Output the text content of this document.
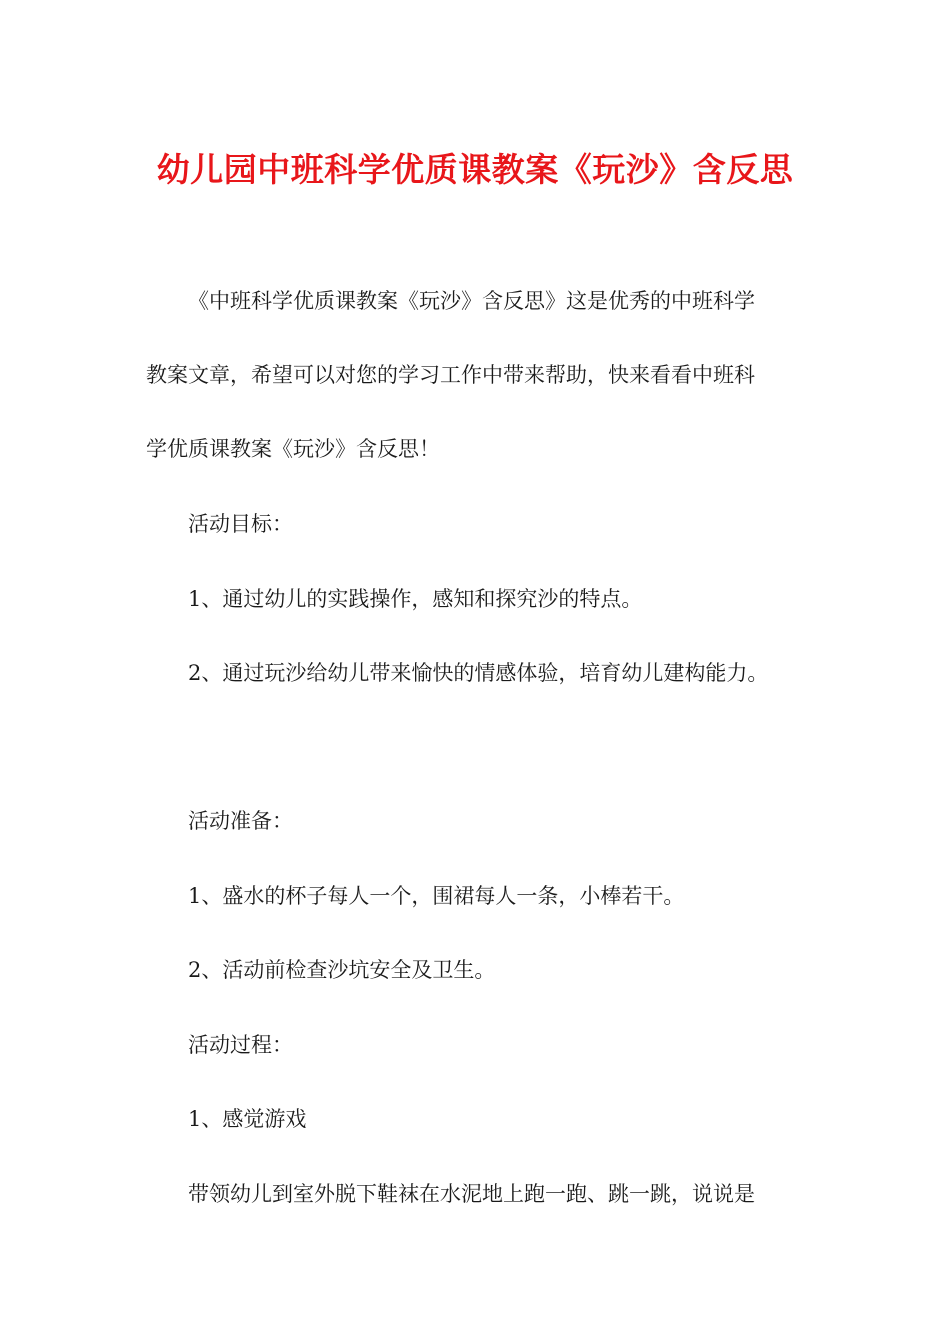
幼儿园中班科学优质课教案《玩沙》含反思

《中班科学优质课教案《玩沙》含反思》这是优秀的中班科学

教案文章，希望可以对您的学习工作中带来帮助，快来看看中班科

学优质课教案《玩沙》含反思！

活动目标：

1、通过幼儿的实践操作，感知和探究沙的特点。

2、通过玩沙给幼儿带来愉快的情感体验，培育幼儿建构能力。

活动准备：

1、盛水的杯子每人一个，围裙每人一条，小棒若干。

2、活动前检查沙坑安全及卫生。

活动过程：

1、感觉游戏

带领幼儿到室外脱下鞋袜在水泥地上跑一跑、跳一跳，说说是
